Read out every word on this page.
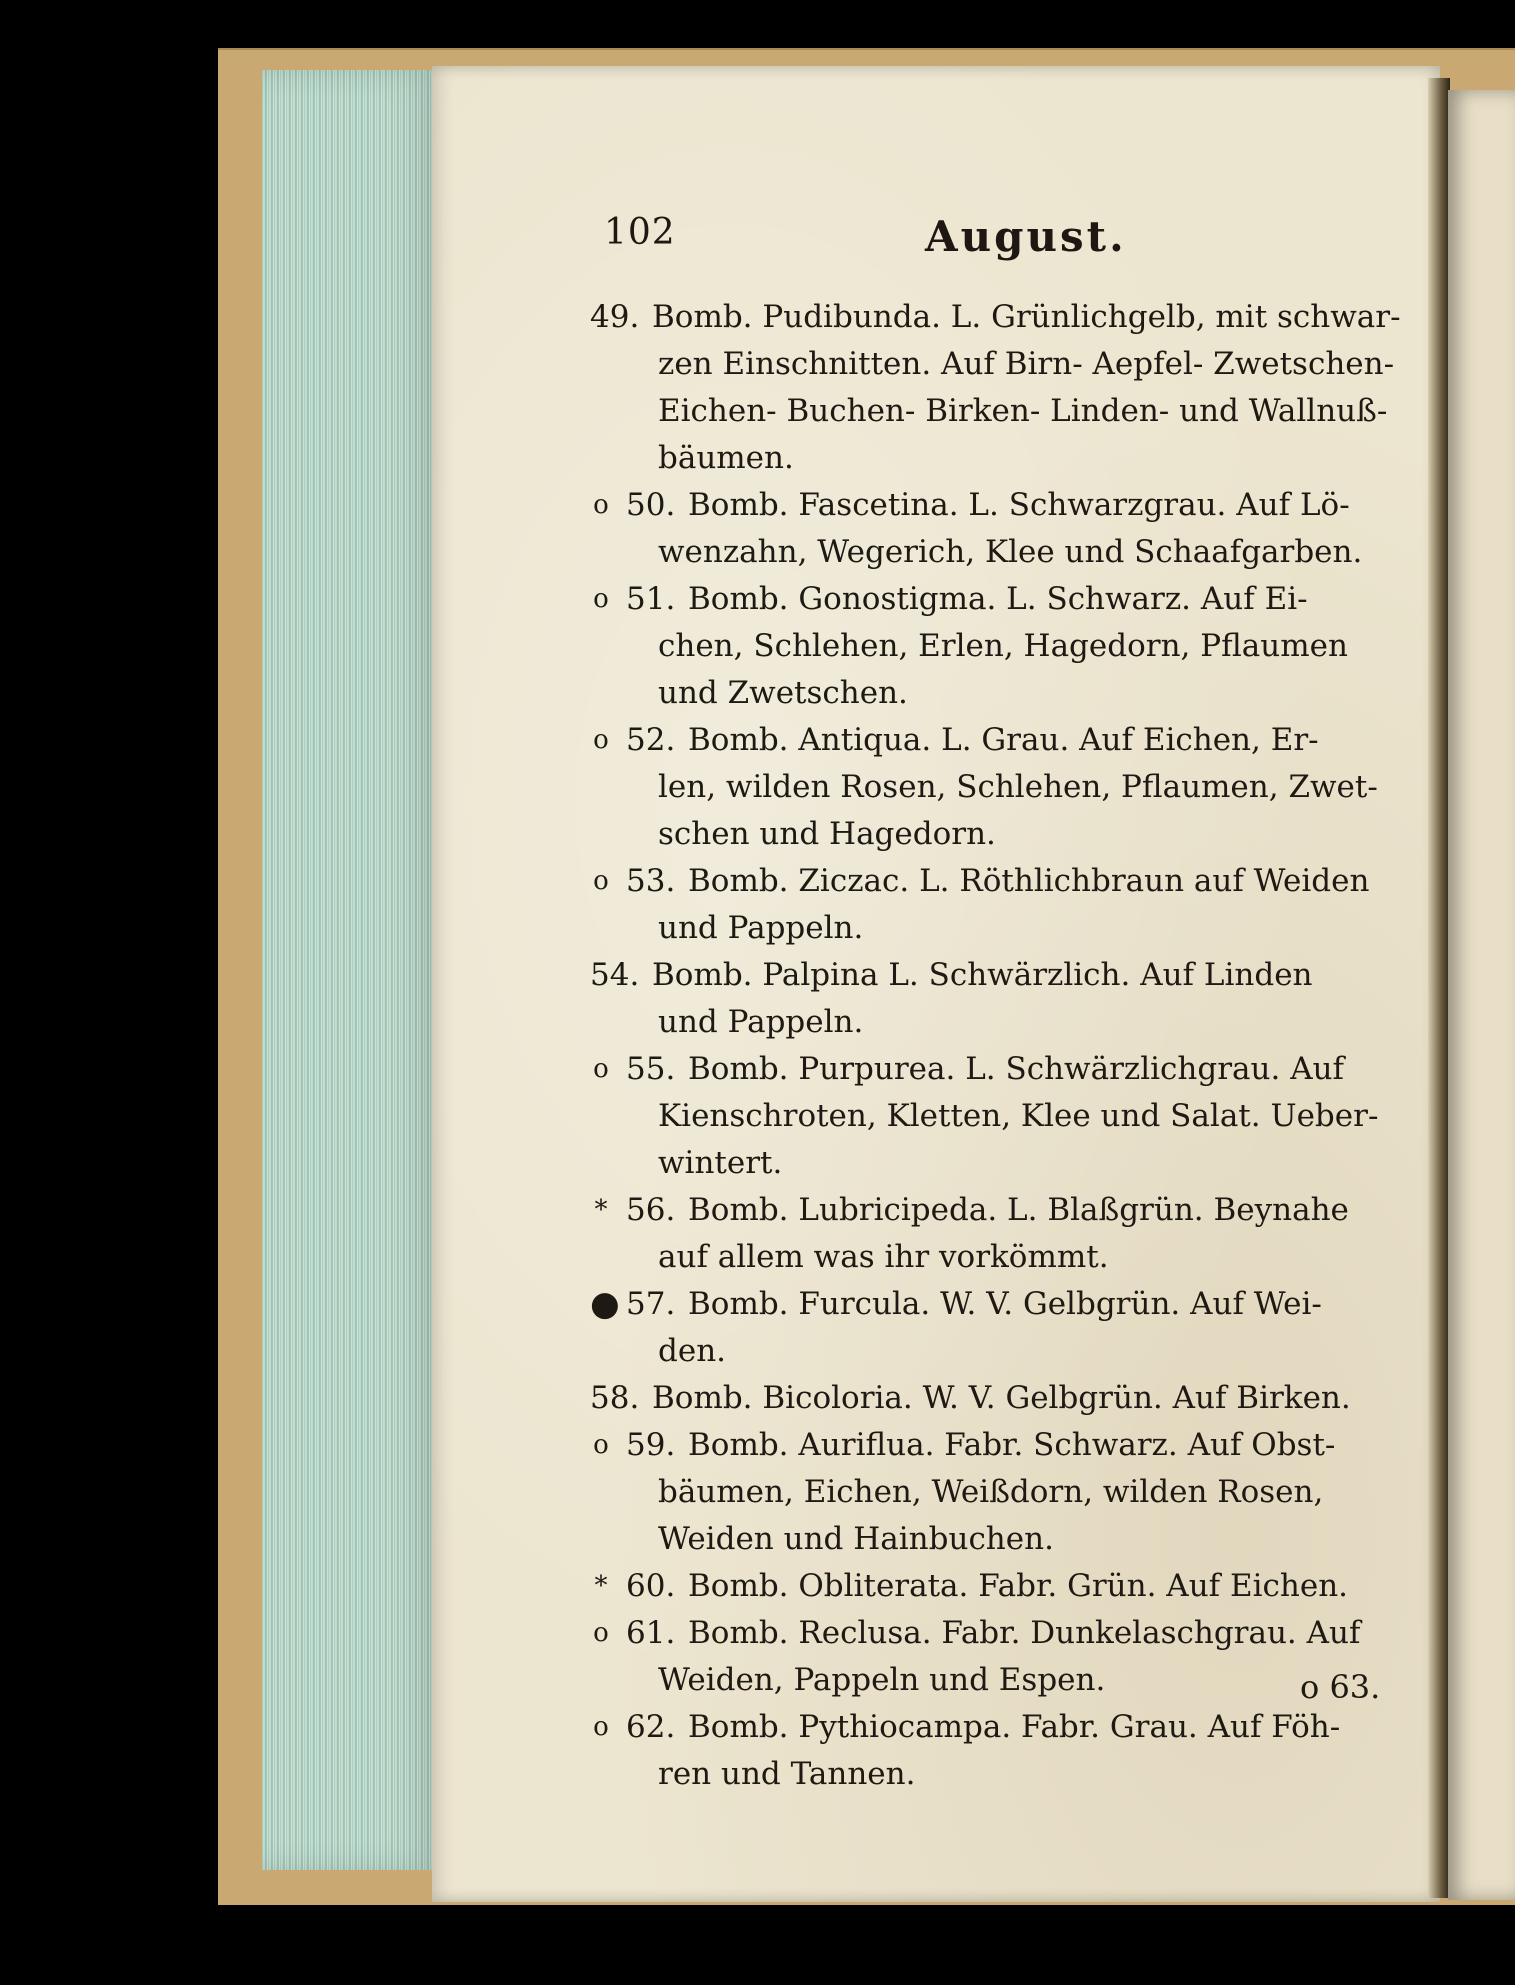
102	August.
49. Bomb. Pudibunda. L. Grünlichgelb, mit schwar-
zen Einschnitten. Auf Birn- Aepfel- Zwetschen-
Eichen- Buchen- Birken- Linden- und Wallnuß-
bäumen.
o 50. Bomb. Fascetina. L. Schwarzgrau. Auf Lö-
wenzahn, Wegerich, Klee und Schaafgarben.
o 51. Bomb. Gonostigma. L. Schwarz. Auf Ei-
chen, Schlehen, Erlen, Hagedorn, Pflaumen
und Zwetschen.
o 52. Bomb. Antiqua. L. Grau. Auf Eichen, Er-
len, wilden Rosen, Schlehen, Pflaumen, Zwet-
schen und Hagedorn.
o 53. Bomb. Ziczac. L. Röthlichbraun auf Weiden
und Pappeln.
54. Bomb. Palpina L. Schwärzlich. Auf Linden
und Pappeln.
o 55. Bomb. Purpurea. L. Schwärzlichgrau. Auf
Kienschroten, Kletten, Klee und Salat. Ueber-
wintert.
* 56. Bomb. Lubricipeda. L. Blaßgrün. Beynahe
auf allem was ihr vorkömmt.
● 57. Bomb. Furcula. W. V. Gelbgrün. Auf Wei-
den.
58. Bomb. Bicoloria. W. V. Gelbgrün. Auf Birken.
o 59. Bomb. Auriflua. Fabr. Schwarz. Auf Obst-
bäumen, Eichen, Weißdorn, wilden Rosen,
Weiden und Hainbuchen.
* 60. Bomb. Obliterata. Fabr. Grün. Auf Eichen.
o 61. Bomb. Reclusa. Fabr. Dunkelaschgrau. Auf
Weiden, Pappeln und Espen.
o 62. Bomb. Pythiocampa. Fabr. Grau. Auf Föh-
ren und Tannen.
o 63.
